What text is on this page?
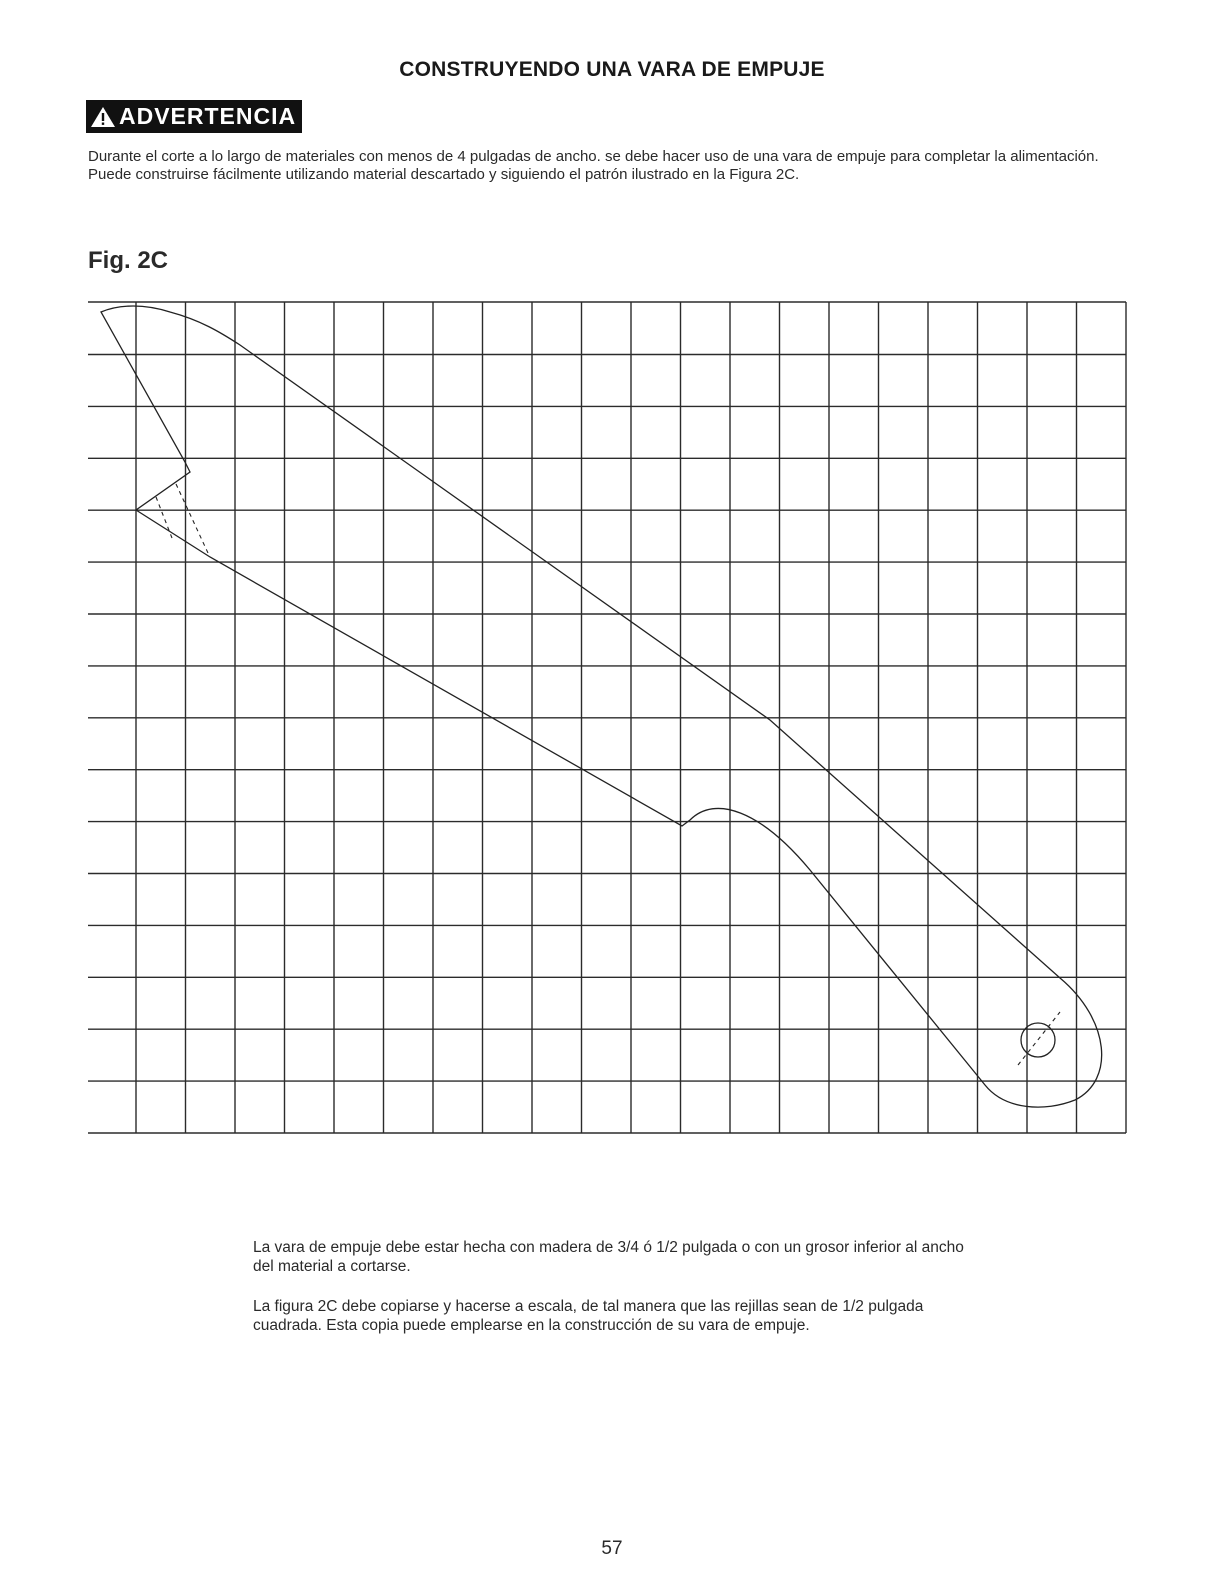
CONSTRUYENDO UNA VARA DE EMPUJE
ADVERTENCIA
Durante el corte a lo largo de materiales con menos de 4 pulgadas de ancho. se debe hacer uso de una vara de empuje para completar la alimentación. Puede construirse fácilmente utilizando material descartado y siguiendo el patrón ilustrado en la Figura 2C.
Fig. 2C
La vara de empuje debe estar hecha con madera de 3/4 ó 1/2 pulgada o con un grosor inferior al ancho del material a cortarse.
La figura 2C debe copiarse y hacerse a escala, de tal manera que las rejillas sean de 1/2 pulgada cuadrada. Esta copia puede emplearse en la construcción de su vara de empuje.
57
